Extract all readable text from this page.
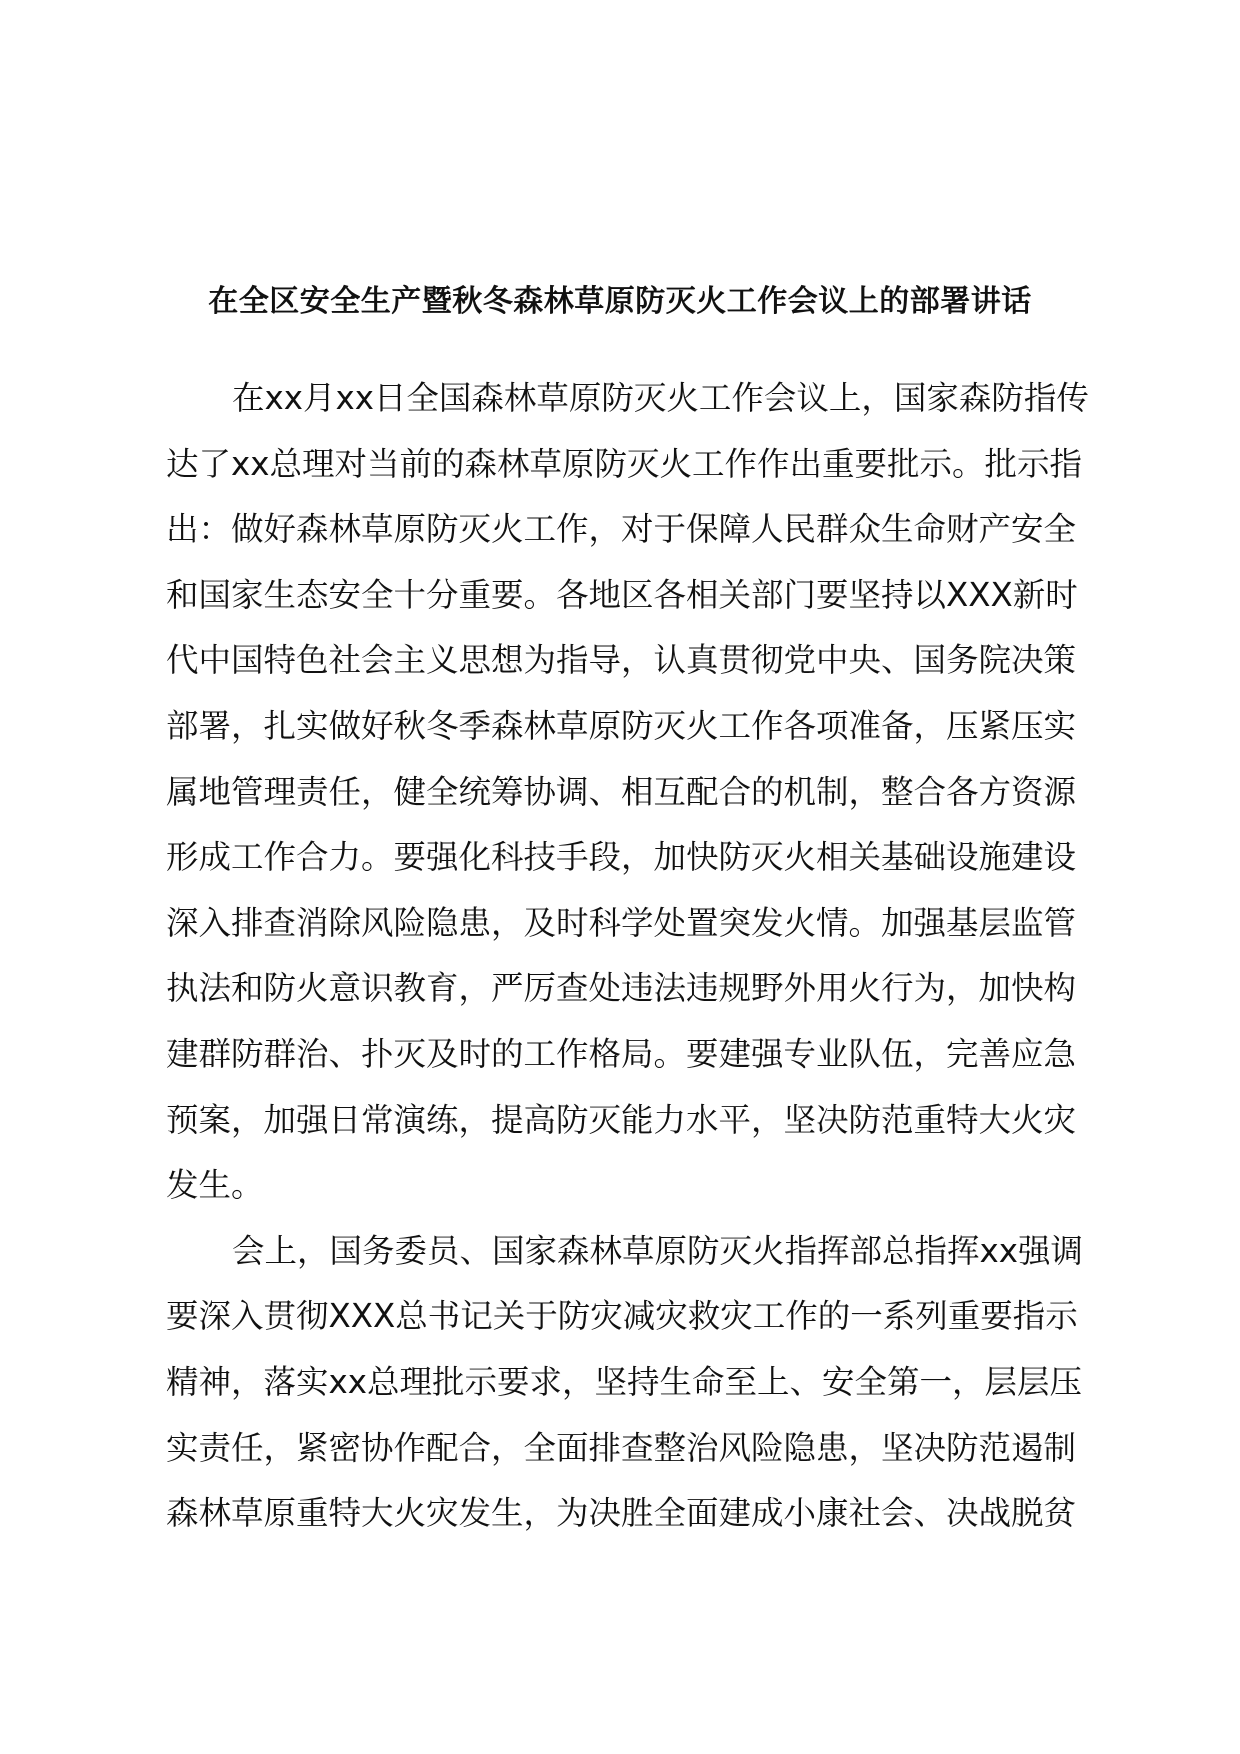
在全区安全生产暨秋冬森林草原防灭火工作会议上的部署讲话
在xx月xx日全国森林草原防灭火工作会议上，国家森防指传
达了xx总理对当前的森林草原防灭火工作作出重要批示。批示指
出：做好森林草原防灭火工作，对于保障人民群众生命财产安全
和国家生态安全十分重要。各地区各相关部门要坚持以XXX新时
代中国特色社会主义思想为指导，认真贯彻党中央、国务院决策
部署，扎实做好秋冬季森林草原防灭火工作各项准备，压紧压实
属地管理责任，健全统筹协调、相互配合的机制，整合各方资源
形成工作合力。要强化科技手段，加快防灭火相关基础设施建设
深入排查消除风险隐患，及时科学处置突发火情。加强基层监管
执法和防火意识教育，严厉查处违法违规野外用火行为，加快构
建群防群治、扑灭及时的工作格局。要建强专业队伍，完善应急
预案，加强日常演练，提高防灭能力水平，坚决防范重特大火灾
发生。
会上，国务委员、国家森林草原防灭火指挥部总指挥xx强调
要深入贯彻XXX总书记关于防灾减灾救灾工作的一系列重要指示
精神，落实xx总理批示要求，坚持生命至上、安全第一，层层压
实责任，紧密协作配合，全面排查整治风险隐患，坚决防范遏制
森林草原重特大火灾发生，为决胜全面建成小康社会、决战脱贫
